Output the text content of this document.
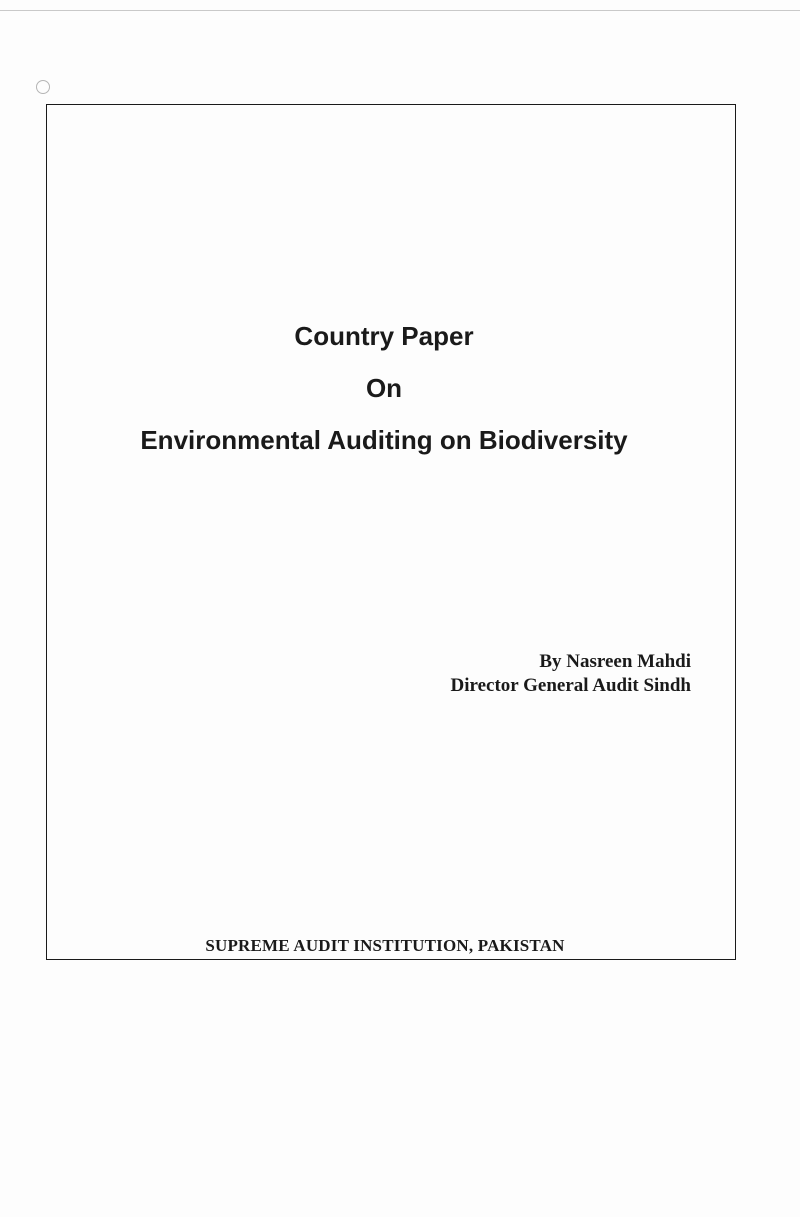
Country Paper
On
Environmental Auditing on Biodiversity
By Nasreen Mahdi
Director General Audit Sindh
SUPREME AUDIT INSTITUTION, PAKISTAN
